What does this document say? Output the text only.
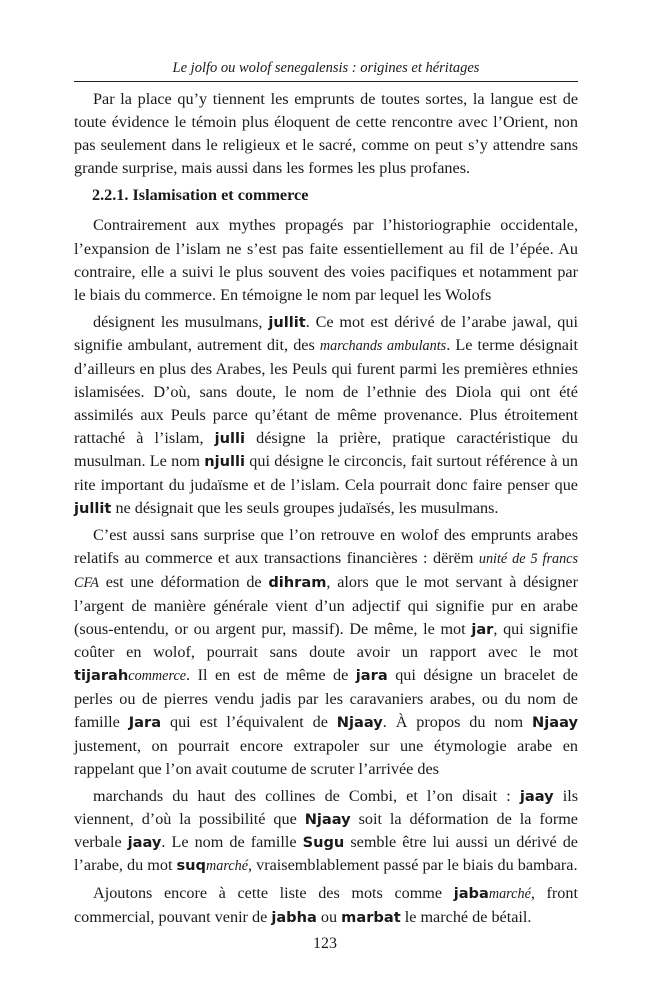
Le jolfo ou wolof senegalensis : origines et héritages

Par la place qu’y tiennent les emprunts de toutes sortes, la langue est de toute évidence le témoin plus éloquent de cette rencontre avec l’Orient, non pas seulement dans le religieux et le sacré, comme on peut s’y attendre sans grande surprise, mais aussi dans les formes les plus profanes.

2.2.1. Islamisation et commerce

Contrairement aux mythes propagés par l’historiographie occidentale, l’expansion de l’islam ne s’est pas faite essentiellement au fil de l’épée. Au contraire, elle a suivi le plus souvent des voies pacifiques et notamment par le biais du commerce. En témoigne le nom par lequel les Wolofs

désignent les musulmans, jullit. Ce mot est dérivé de l’arabe jawal, qui signifie ambulant, autrement dit, des marchands ambulants. Le terme désignait d’ailleurs en plus des Arabes, les Peuls qui furent parmi les premières ethnies islamisées. D’où, sans doute, le nom de l’ethnie des Diola qui ont été assimilés aux Peuls parce qu’étant de même provenance. Plus étroitement rattaché à l’islam, julli désigne la prière, pratique caractéristique du musulman. Le nom njulli qui désigne le circoncis, fait surtout référence à un rite important du judaïsme et de l’islam. Cela pourrait donc faire penser que jullit ne désignait que les seuls groupes judaïsés, les musulmans.

C’est aussi sans surprise que l’on retrouve en wolof des emprunts arabes relatifs au commerce et aux transactions financières : dërëm unité de 5 francs CFA est une déformation de dihram, alors que le mot servant à désigner l’argent de manière générale vient d’un adjectif qui signifie pur en arabe (sous-entendu, or ou argent pur, massif). De même, le mot jar, qui signifie coûter en wolof, pourrait sans doute avoir un rapport avec le mot tijarahcommerce. Il en est de même de jara qui désigne un bracelet de perles ou de pierres vendu jadis par les caravaniers arabes, ou du nom de famille Jara qui est l’équivalent de Njaay. À propos du nom Njaay justement, on pourrait encore extrapoler sur une étymologie arabe en rappelant que l’on avait coutume de scruter l’arrivée des

marchands du haut des collines de Combi, et l’on disait : jaay ils viennent, d’où la possibilité que Njaay soit la déformation de la forme verbale jaay. Le nom de famille Sugu semble être lui aussi un dérivé de l’arabe, du mot suqmarché, vraisemblablement passé par le biais du bambara.

Ajoutons encore à cette liste des mots comme jabamarché, front commercial, pouvant venir de jabha ou marbat le marché de bétail.

123
